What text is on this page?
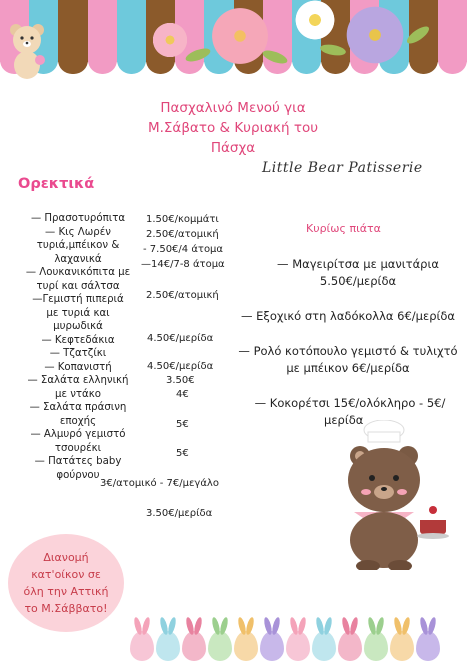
Πασχαλινό Μενού για
Μ.Σάβατο & Κυριακή του
Πάσχα
Little Bear Patisserie
Ορεκτικά
— Πρασοτυρόπιτα
— Κις Λωρέν
τυριά,μπέικον &
λαχανικά
— Λουκανικόπιτα με
τυρί και σάλτσα
—Γεμιστή πιπεριά
με τυριά και
μυρωδικά
— Κεφτεδάκια
— Τζατζίκι
— Κοπανιστή
— Σαλάτα ελληνική
με ντάκο
— Σαλάτα πράσινη
εποχής
— Αλμυρό γεμιστό
τσουρέκι
— Πατάτες baby
φούρνου
1.50€/κομμάτι
2.50€/ατομική
- 7.50€/4 άτομα
—14€/7-8 άτομα
2.50€/ατομική
4.50€/μερίδα
4.50€/μερίδα
3.50€
4€
5€
5€
3€/ατομικό - 7€/μεγάλο
3.50€/μερίδα
Κυρίως πιάτα
— Μαγειρίτσα με μανιτάρια
5.50€/μερίδα
— Εξοχικό στη λαδόκολλα 6€/μερίδα
— Ρολό κοτόπουλο γεμιστό & τυλιχτό
με μπέικον 6€/μερίδα
— Κοκορέτσι 15€/ολόκληρο - 5€/
μερίδα
Διανομή
κατ'οίκον σε
όλη την Αττική
το Μ.Σάββατο!
